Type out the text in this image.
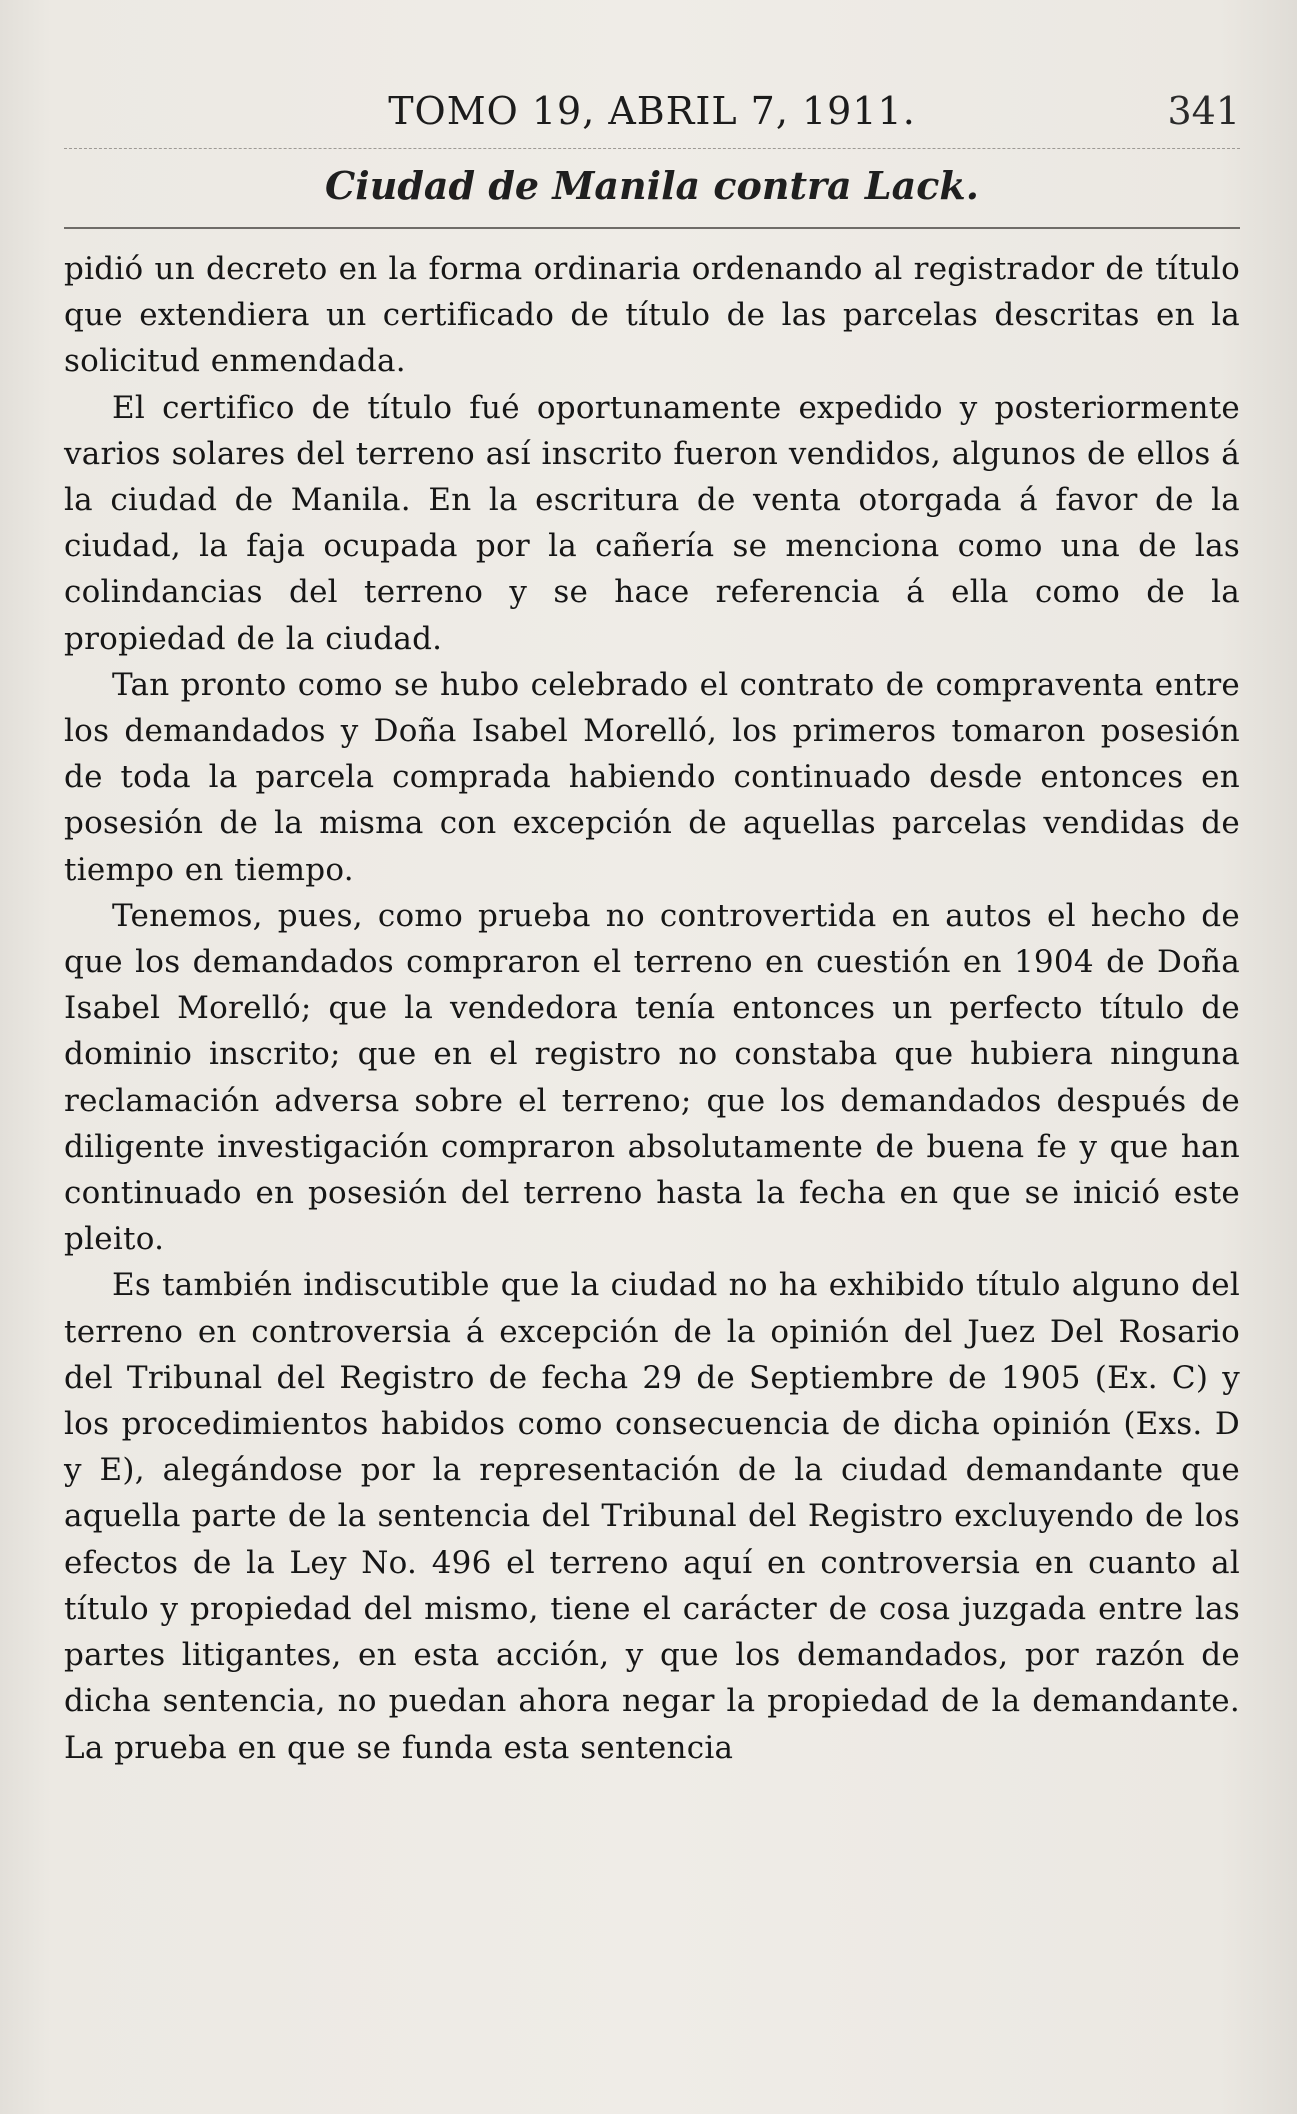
TOMO 19, ABRIL 7, 1911.	341
Ciudad de Manila contra Lack.

pidió un decreto en la forma ordinaria ordenando al registrador de título que extendiera un certificado de título de las parcelas descritas en la solicitud enmendada.

El certifico de título fué oportunamente expedido y posteriormente varios solares del terreno así inscrito fueron vendidos, algunos de ellos á la ciudad de Manila. En la escritura de venta otorgada á favor de la ciudad, la faja ocupada por la cañería se menciona como una de las colindancias del terreno y se hace referencia á ella como de la propiedad de la ciudad.

Tan pronto como se hubo celebrado el contrato de compraventa entre los demandados y Doña Isabel Morelló, los primeros tomaron posesión de toda la parcela comprada habiendo continuado desde entonces en posesión de la misma con excepción de aquellas parcelas vendidas de tiempo en tiempo.

Tenemos, pues, como prueba no controvertida en autos el hecho de que los demandados compraron el terreno en cuestión en 1904 de Doña Isabel Morelló; que la vendedora tenía entonces un perfecto título de dominio inscrito; que en el registro no constaba que hubiera ninguna reclamación adversa sobre el terreno; que los demandados después de diligente investigación compraron absolutamente de buena fe y que han continuado en posesión del terreno hasta la fecha en que se inició este pleito.

Es también indiscutible que la ciudad no ha exhibido título alguno del terreno en controversia á excepción de la opinión del Juez Del Rosario del Tribunal del Registro de fecha 29 de Septiembre de 1905 (Ex. C) y los procedimientos habidos como consecuencia de dicha opinión (Exs. D y E), alegándose por la representación de la ciudad demandante que aquella parte de la sentencia del Tribunal del Registro excluyendo de los efectos de la Ley No. 496 el terreno aquí en controversia en cuanto al título y propiedad del mismo, tiene el carácter de cosa juzgada entre las partes litigantes, en esta acción, y que los demandados, por razón de dicha sentencia, no puedan ahora negar la propiedad de la demandante. La prueba en que se funda esta sentencia
